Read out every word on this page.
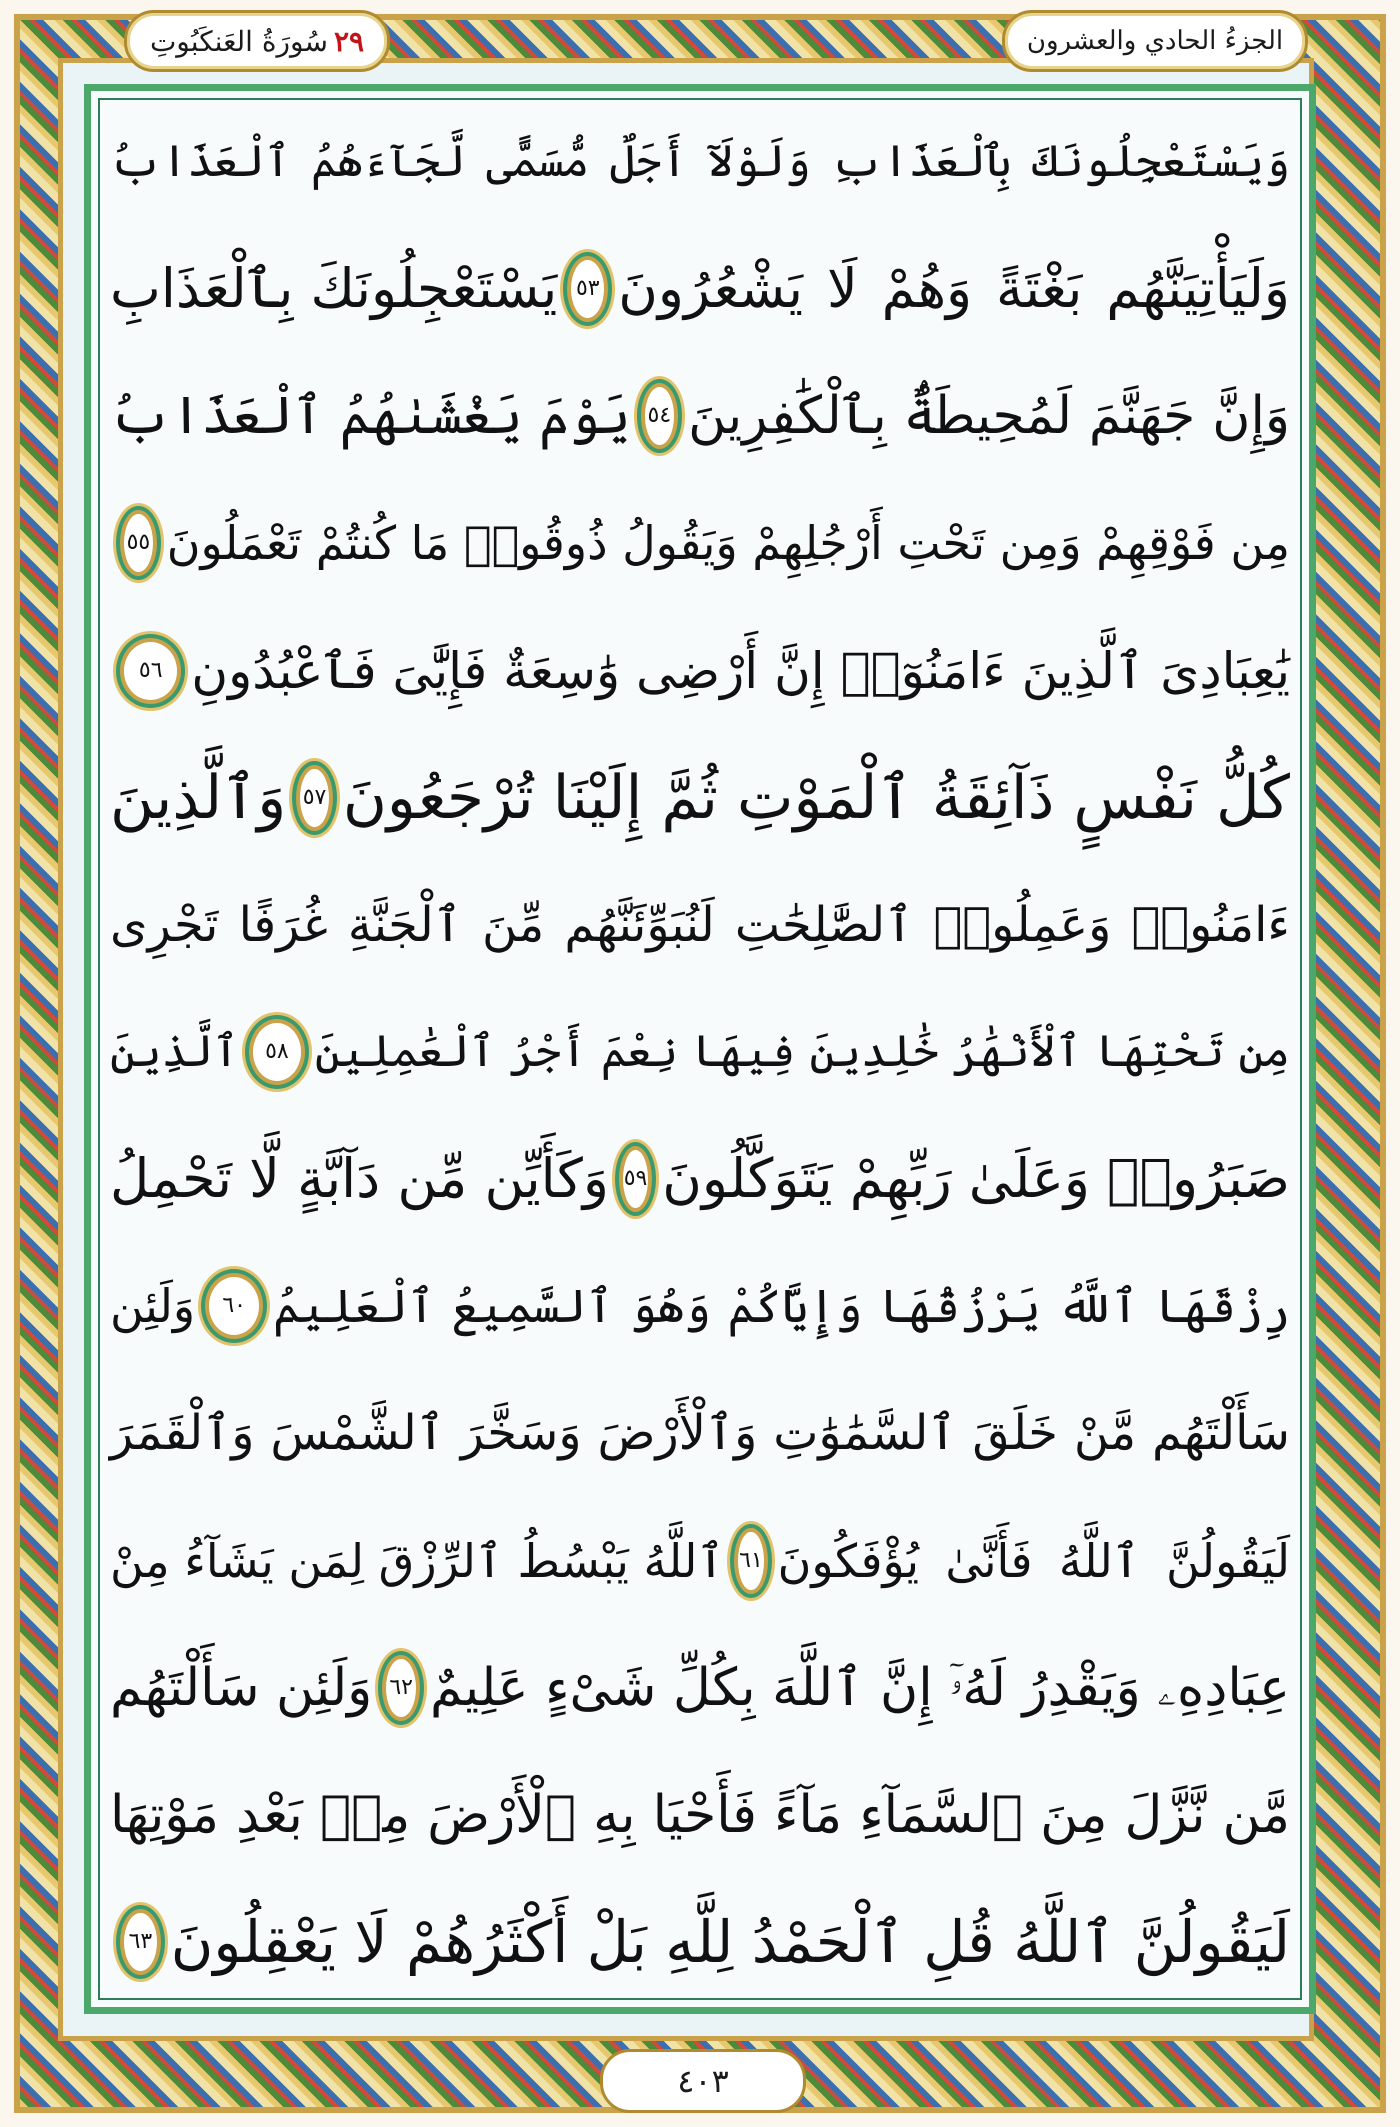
سُورَةُ العَنكَبُوتِ ٢٩	الجزءُ الحادي والعشرون
وَيَسْتَعْجِلُونَكَ بِٱلْعَذَابِ وَلَوْلَآ أَجَلٌ مُّسَمًّى لَّجَآءَهُمُ ٱلْعَذَابُ
وَلَيَأْتِيَنَّهُم بَغْتَةً وَهُمْ لَا يَشْعُرُونَ
٥٣
يَسْتَعْجِلُونَكَ بِٱلْعَذَابِ
وَإِنَّ جَهَنَّمَ لَمُحِيطَةٌۢ بِٱلْكَٰفِرِينَ
٥٤
يَوْمَ يَغْشَىٰهُمُ ٱلْعَذَابُ
مِن فَوْقِهِمْ وَمِن تَحْتِ أَرْجُلِهِمْ وَيَقُولُ ذُوقُوا۟ مَا كُنتُمْ تَعْمَلُونَ
٥٥
يَٰعِبَادِىَ ٱلَّذِينَ ءَامَنُوٓا۟ إِنَّ أَرْضِى وَٰسِعَةٌ فَإِيَّٰىَ فَٱعْبُدُونِ
٥٦
كُلُّ نَفْسٍ ذَآئِقَةُ ٱلْمَوْتِ ثُمَّ إِلَيْنَا تُرْجَعُونَ
٥٧
وَٱلَّذِينَ
ءَامَنُوا۟ وَعَمِلُوا۟ ٱلصَّٰلِحَٰتِ لَنُبَوِّئَنَّهُم مِّنَ ٱلْجَنَّةِ غُرَفًا تَجْرِى
مِن تَحْتِهَا ٱلْأَنْهَٰرُ خَٰلِدِينَ فِيهَا نِعْمَ أَجْرُ ٱلْعَٰمِلِينَ
٥٨
ٱلَّذِينَ
صَبَرُوا۟ وَعَلَىٰ رَبِّهِمْ يَتَوَكَّلُونَ
٥٩
وَكَأَيِّن مِّن دَآبَّةٍ لَّا تَحْمِلُ
رِزْقَهَا ٱللَّهُ يَرْزُقُهَا وَإِيَّاكُمْ وَهُوَ ٱلسَّمِيعُ ٱلْعَلِيمُ
٦٠
وَلَئِن
سَأَلْتَهُم مَّنْ خَلَقَ ٱلسَّمَٰوَٰتِ وَٱلْأَرْضَ وَسَخَّرَ ٱلشَّمْسَ وَٱلْقَمَرَ
لَيَقُولُنَّ ٱللَّهُ فَأَنَّىٰ يُؤْفَكُونَ
٦١
ٱللَّهُ يَبْسُطُ ٱلرِّزْقَ لِمَن يَشَآءُ مِنْ
عِبَادِهِۦ وَيَقْدِرُ لَهُۥٓ إِنَّ ٱللَّهَ بِكُلِّ شَىْءٍ عَلِيمٌ
٦٢
وَلَئِن سَأَلْتَهُم
مَّن نَّزَّلَ مِنَ ٱلسَّمَآءِ مَآءً فَأَحْيَا بِهِ ٱلْأَرْضَ مِنۢ بَعْدِ مَوْتِهَا
لَيَقُولُنَّ ٱللَّهُ قُلِ ٱلْحَمْدُ لِلَّهِ بَلْ أَكْثَرُهُمْ لَا يَعْقِلُونَ
٦٣
٤٠٣
